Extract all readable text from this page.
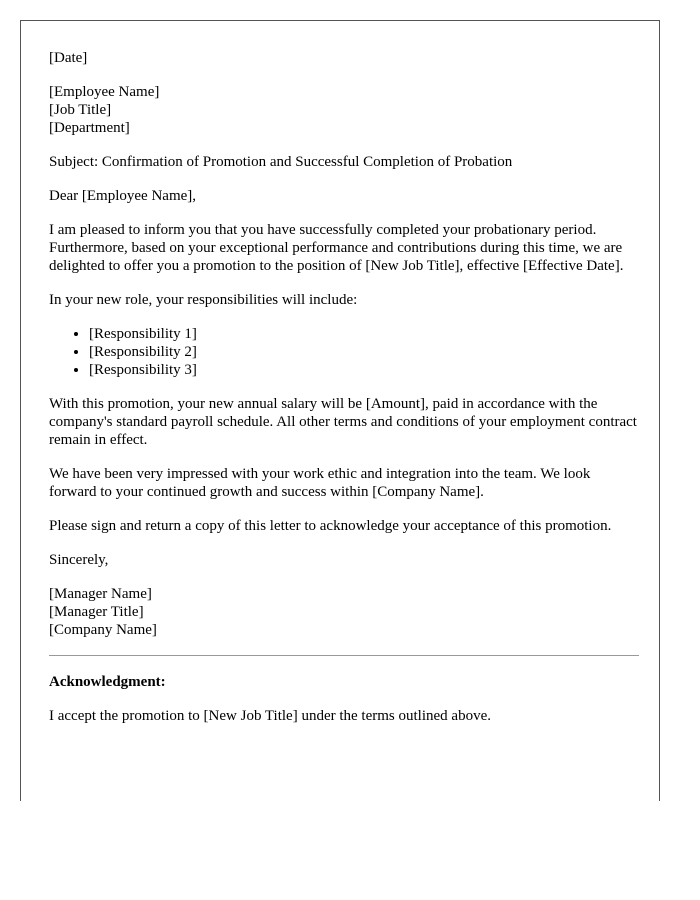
[Date]

[Employee Name]
[Job Title]
[Department]

Subject: Confirmation of Promotion and Successful Completion of Probation

Dear [Employee Name],

I am pleased to inform you that you have successfully completed your probationary period. Furthermore, based on your exceptional performance and contributions during this time, we are delighted to offer you a promotion to the position of [New Job Title], effective [Effective Date].

In your new role, your responsibilities will include:

• [Responsibility 1]
• [Responsibility 2]
• [Responsibility 3]

With this promotion, your new annual salary will be [Amount], paid in accordance with the company's standard payroll schedule. All other terms and conditions of your employment contract remain in effect.

We have been very impressed with your work ethic and integration into the team. We look forward to your continued growth and success within [Company Name].

Please sign and return a copy of this letter to acknowledge your acceptance of this promotion.

Sincerely,

[Manager Name]
[Manager Title]
[Company Name]

Acknowledgment:

I accept the promotion to [New Job Title] under the terms outlined above.
